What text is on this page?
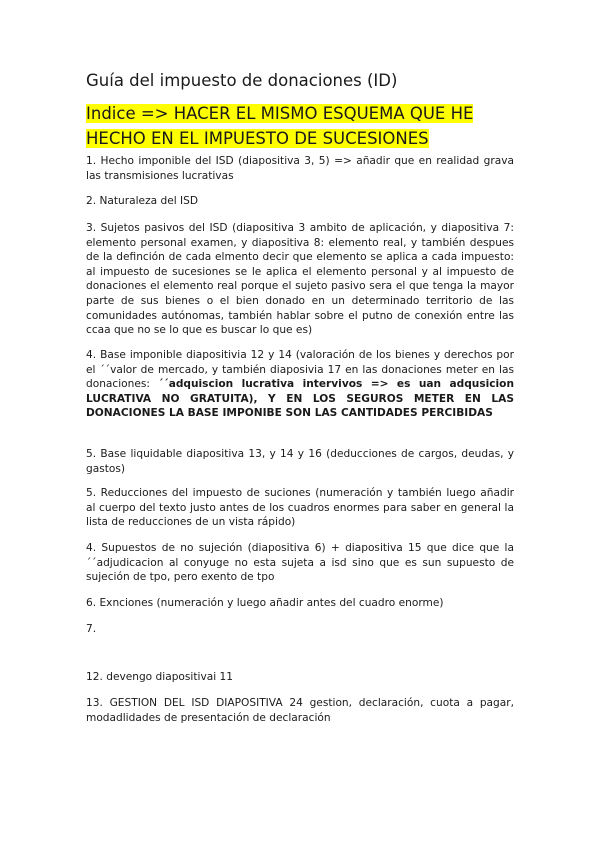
Guía del impuesto de donaciones (ID)
Indice => HACER EL MISMO ESQUEMA QUE HE HECHO EN EL IMPUESTO DE SUCESIONES
1. Hecho imponible del ISD (diapositiva 3, 5) => añadir que en realidad grava las transmisiones lucrativas
2. Naturaleza del ISD
3. Sujetos pasivos del ISD (diapositiva 3 ambito de aplicación, y diapositiva 7: elemento personal examen, y diapositiva 8: elemento real, y también despues de la definción de cada elmento decir que elemento se aplica a cada impuesto: al impuesto de sucesiones se le aplica el elemento personal y al impuesto de donaciones el elemento real porque el sujeto pasivo sera el que tenga la mayor parte de sus bienes o el bien donado en un determinado territorio de las comunidades autónomas, también hablar sobre el putno de conexión entre las ccaa que no se lo que es buscar lo que es)
4. Base imponible diapositivia 12 y 14 (valoración de los bienes y derechos por el ´´valor de mercado, y también diaposivia 17 en las donaciones meter en las donaciones: ´´adquiscion lucrativa intervivos => es uan adqusicion LUCRATIVA NO GRATUITA), Y EN LOS SEGUROS METER EN LAS DONACIONES LA BASE IMPONIBE SON LAS CANTIDADES PERCIBIDAS
5. Base liquidable diapositiva 13, y 14 y 16 (deducciones de cargos, deudas, y gastos)
5. Reducciones del impuesto de suciones (numeración y también luego añadir al cuerpo del texto justo antes de los cuadros enormes para saber en general la lista de reducciones de un vista rápido)
4. Supuestos de no sujeción (diapositiva 6) + diapositiva 15 que dice que la ´´adjudicacion al conyuge no esta sujeta a isd sino que es sun supuesto de sujeción de tpo, pero exento de tpo
6. Exnciones (numeración y luego añadir antes del cuadro enorme)
7.
12. devengo diapositivai 11
13. GESTION DEL ISD DIAPOSITIVA 24 gestion, declaración, cuota a pagar, modadlidades de presentación de declaración
